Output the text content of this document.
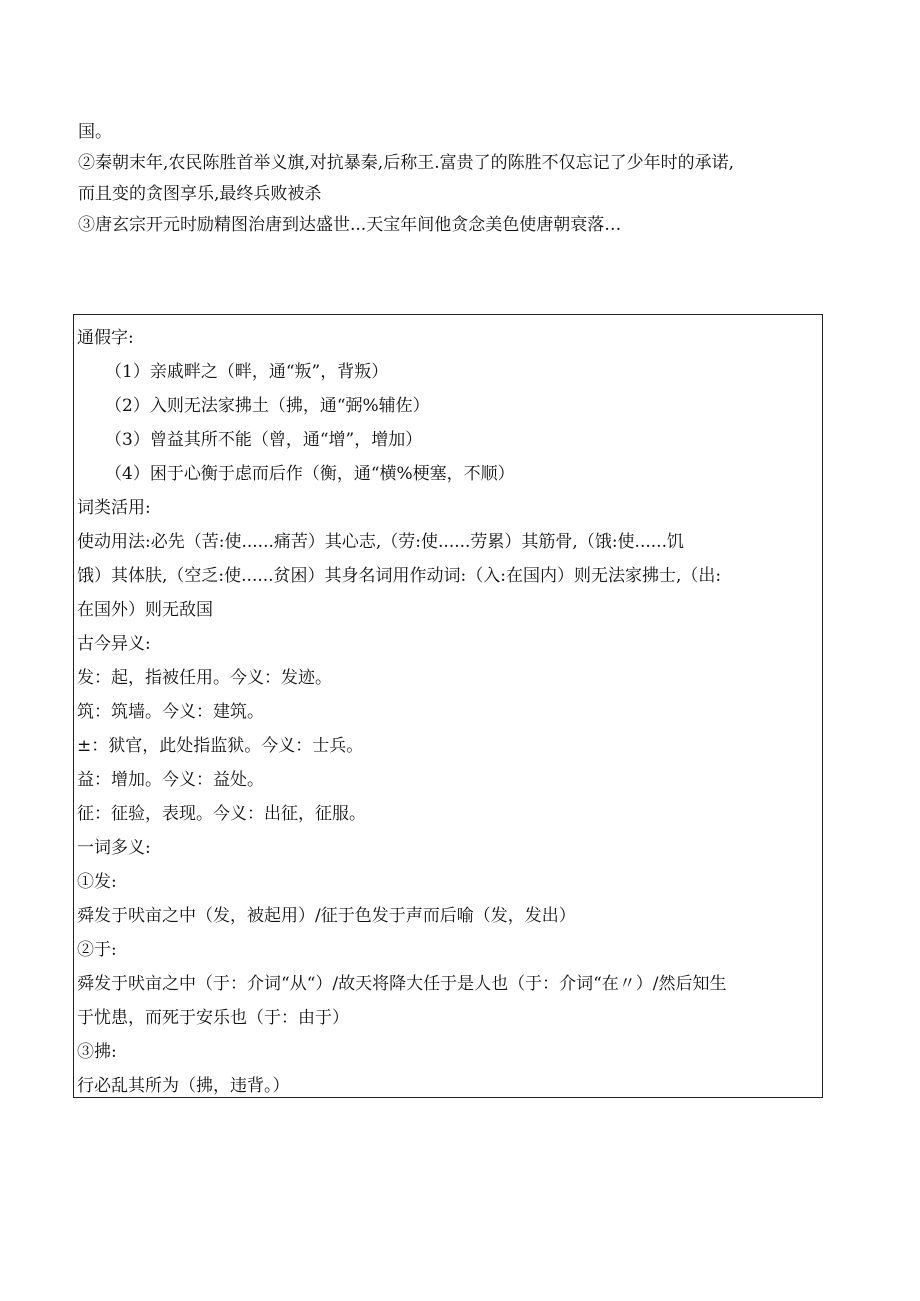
国。
②秦朝末年,农民陈胜首举义旗,对抗暴秦,后称王.富贵了的陈胜不仅忘记了少年时的承诺,
而且变的贪图享乐,最终兵败被杀
③唐玄宗开元时励精图治唐到达盛世...天宝年间他贪念美色使唐朝衰落…
通假字:
（1）亲戚畔之（畔，通“叛”，背叛）
（2）入则无法家拂土（拂，通“弼%辅佐）
（3）曾益其所不能（曾，通“增”，增加）
（4）困于心衡于虑而后作（衡，通“横%梗塞，不顺）
词类活用:
使动用法:必先（苦:使......痛苦）其心志,（劳:使......劳累）其筋骨,（饿:使......饥
饿）其体肤,（空乏:使......贫困）其身名词用作动词:（入:在国内）则无法家拂士,（出:
在国外）则无敌国
古今异义:
发：起，指被任用。今义：发迹。
筑：筑墙。今义：建筑。
±：狱官，此处指监狱。今义：士兵。
益：增加。今义：益处。
征：征验，表现。今义：出征，征服。
一词多义:
①发:
舜发于吠亩之中（发，被起用）/征于色发于声而后喻（发，发出）
②于:
舜发于吠亩之中（于：介词“从“）/故天将降大任于是人也（于：介词“在〃）/然后知生
于忧患，而死于安乐也（于：由于）
③拂:
行必乱其所为（拂，违背。）
